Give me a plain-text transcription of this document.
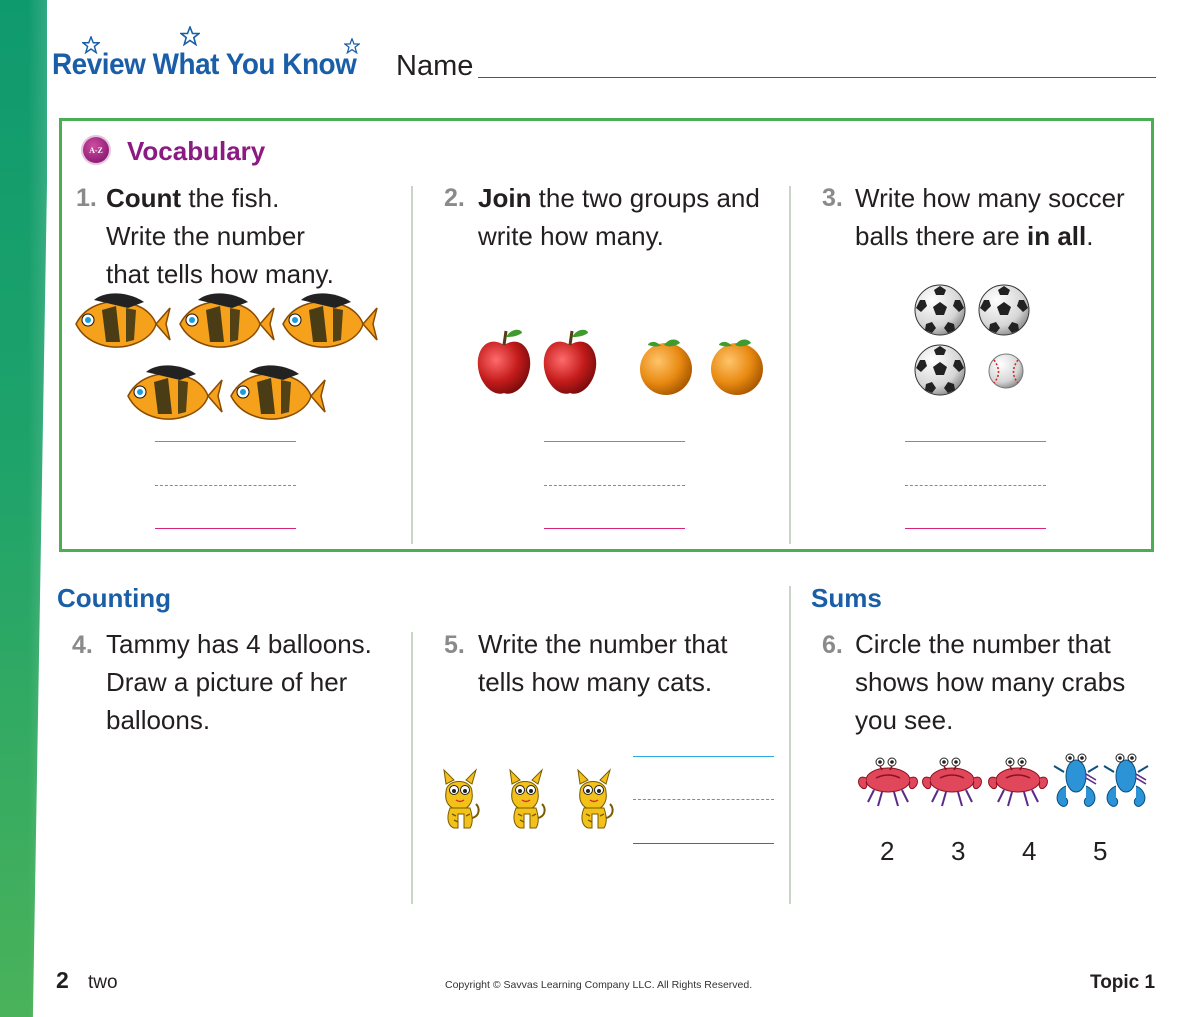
Review What You Know Name
A-Z Vocabulary
1. Count the fish.
Write the number
that tells how many.
2. Join the two groups and
write how many.
3. Write how many soccer
balls there are in all.
Counting
4. Tammy has 4 balloons.
Draw a picture of her
balloons.
5. Write the number that
tells how many cats.
Sums
6. Circle the number that
shows how many crabs
you see.
2 3 4 5
2 two	Copyright © Savvas Learning Company LLC. All Rights Reserved.	Topic 1
